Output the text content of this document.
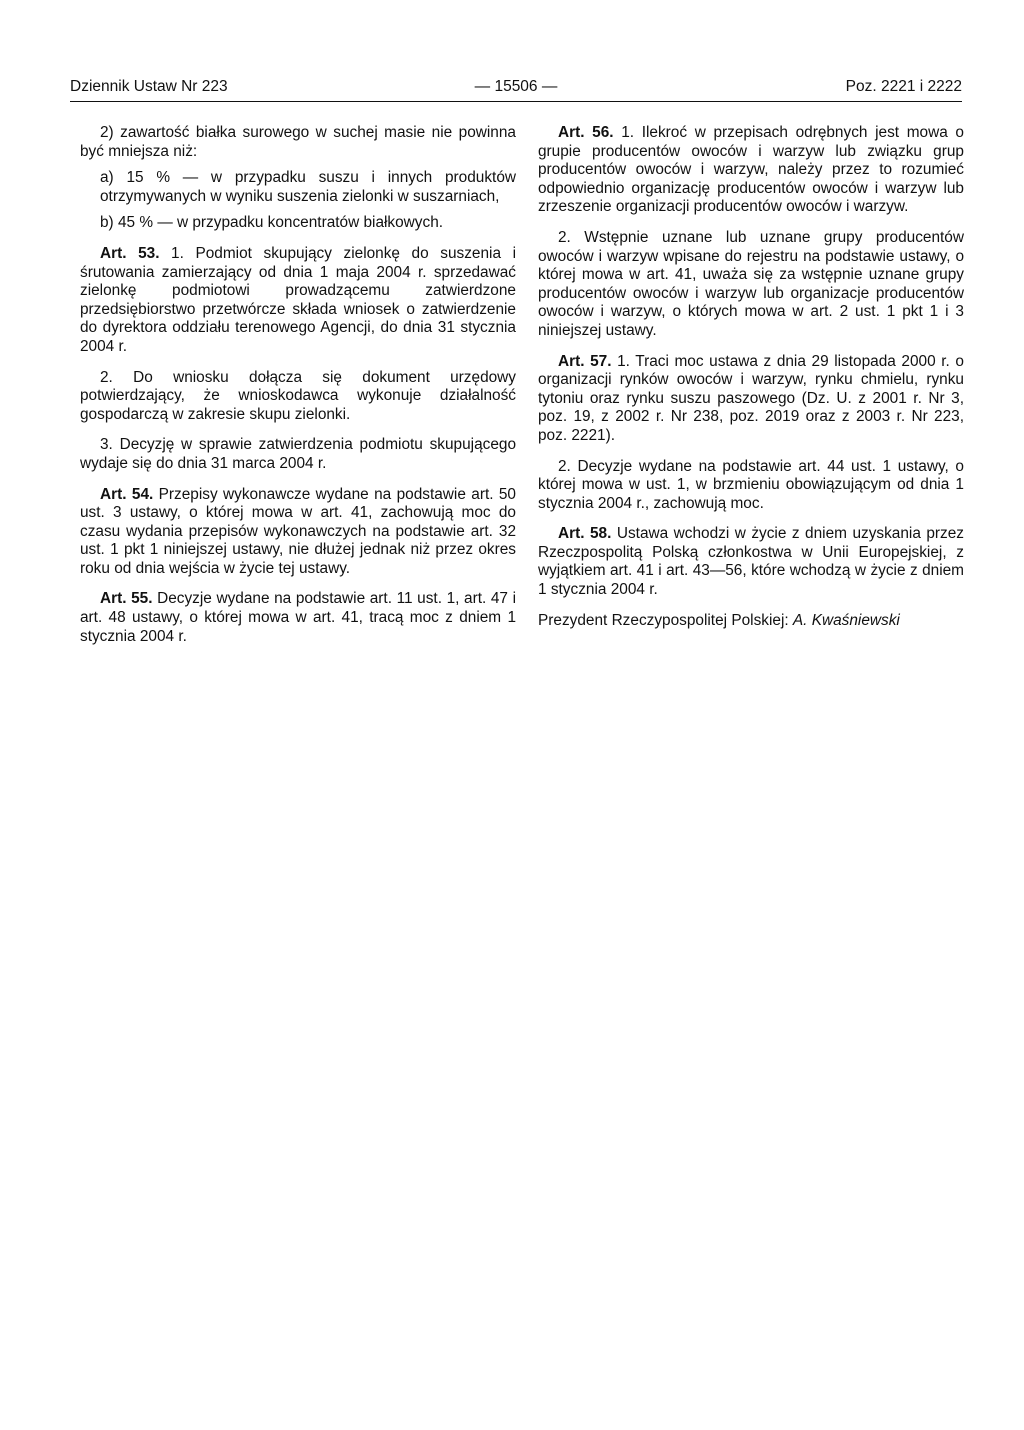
Dziennik Ustaw Nr 223	— 15506 —	Poz. 2221 i 2222

2) zawartość białka surowego w suchej masie nie powinna być mniejsza niż:

a) 15 % — w przypadku suszu i innych produktów otrzymywanych w wyniku suszenia zielonki w suszarniach,

b) 45 % — w przypadku koncentratów białkowych.

Art. 53. 1. Podmiot skupujący zielonkę do suszenia i śrutowania zamierzający od dnia 1 maja 2004 r. sprzedawać zielonkę podmiotowi prowadzącemu zatwierdzone przedsiębiorstwo przetwórcze składa wniosek o zatwierdzenie do dyrektora oddziału terenowego Agencji, do dnia 31 stycznia 2004 r.

2. Do wniosku dołącza się dokument urzędowy potwierdzający, że wnioskodawca wykonuje działalność gospodarczą w zakresie skupu zielonki.

3. Decyzję w sprawie zatwierdzenia podmiotu skupującego wydaje się do dnia 31 marca 2004 r.

Art. 54. Przepisy wykonawcze wydane na podstawie art. 50 ust. 3 ustawy, o której mowa w art. 41, zachowują moc do czasu wydania przepisów wykonawczych na podstawie art. 32 ust. 1 pkt 1 niniejszej ustawy, nie dłużej jednak niż przez okres roku od dnia wejścia w życie tej ustawy.

Art. 55. Decyzje wydane na podstawie art. 11 ust. 1, art. 47 i art. 48 ustawy, o której mowa w art. 41, tracą moc z dniem 1 stycznia 2004 r.

Art. 56. 1. Ilekroć w przepisach odrębnych jest mowa o grupie producentów owoców i warzyw lub związku grup producentów owoców i warzyw, należy przez to rozumieć odpowiednio organizację producentów owoców i warzyw lub zrzeszenie organizacji producentów owoców i warzyw.

2. Wstępnie uznane lub uznane grupy producentów owoców i warzyw wpisane do rejestru na podstawie ustawy, o której mowa w art. 41, uważa się za wstępnie uznane grupy producentów owoców i warzyw lub organizacje producentów owoców i warzyw, o których mowa w art. 2 ust. 1 pkt 1 i 3 niniejszej ustawy.

Art. 57. 1. Traci moc ustawa z dnia 29 listopada 2000 r. o organizacji rynków owoców i warzyw, rynku chmielu, rynku tytoniu oraz rynku suszu paszowego (Dz. U. z 2001 r. Nr 3, poz. 19, z 2002 r. Nr 238, poz. 2019 oraz z 2003 r. Nr 223, poz. 2221).

2. Decyzje wydane na podstawie art. 44 ust. 1 ustawy, o której mowa w ust. 1, w brzmieniu obowiązującym od dnia 1 stycznia 2004 r., zachowują moc.

Art. 58. Ustawa wchodzi w życie z dniem uzyskania przez Rzeczpospolitą Polską członkostwa w Unii Europejskiej, z wyjątkiem art. 41 i art. 43—56, które wchodzą w życie z dniem 1 stycznia 2004 r.

Prezydent Rzeczypospolitej Polskiej: A. Kwaśniewski
